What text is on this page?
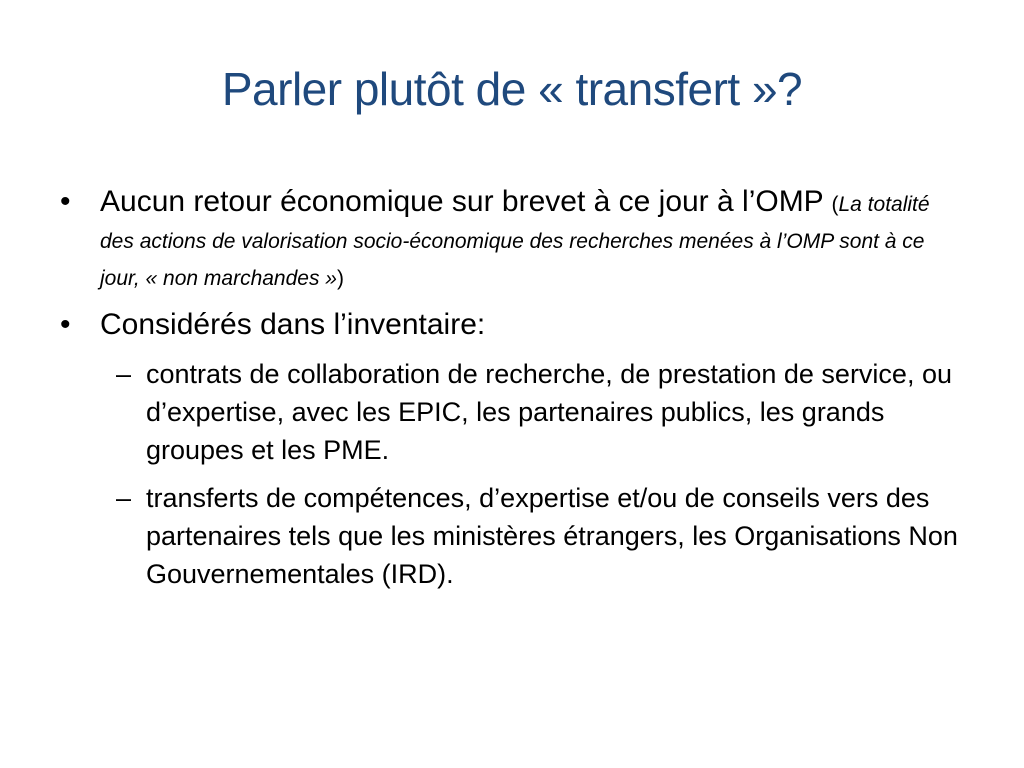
Parler plutôt de « transfert »?
• Aucun retour économique sur brevet à ce jour à l’OMP (La totalité des actions de valorisation socio-économique des recherches menées à l’OMP sont à ce jour, « non marchandes »)
• Considérés dans l’inventaire:
– contrats de collaboration de recherche, de prestation de service, ou d’expertise, avec les EPIC, les partenaires publics, les grands groupes et les PME.
– transferts de compétences, d’expertise et/ou de conseils vers des partenaires tels que les ministères étrangers, les Organisations Non Gouvernementales (IRD).
